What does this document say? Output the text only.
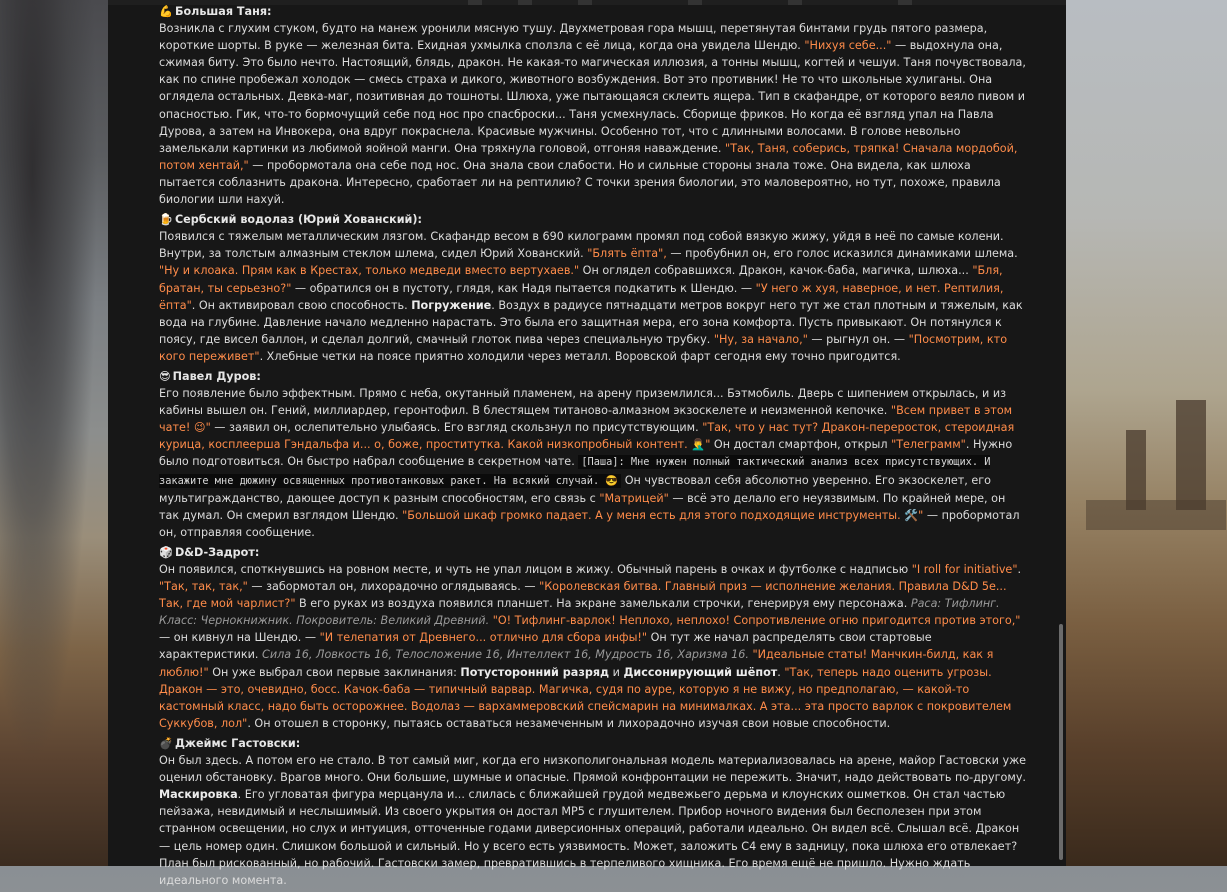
💪 Большая Таня:

Возникла с глухим стуком, будто на манеж уронили мясную тушу. Двухметровая гора мышц, перетянутая бинтами грудь пятого размера, короткие шорты. В руке — железная бита. Ехидная ухмылка сползла с её лица, когда она увидела Шендю. "Нихуя себе..." — выдохнула она, сжимая биту. Это было нечто. Настоящий, блядь, дракон. Не какая-то магическая иллюзия, а тонны мышц, когтей и чешуи. Таня почувствовала, как по спине пробежал холодок — смесь страха и дикого, животного возбуждения. Вот это противник! Не то что школьные хулиганы. Она оглядела остальных. Девка-маг, позитивная до тошноты. Шлюха, уже пытающаяся склеить ящера. Тип в скафандре, от которого веяло пивом и опасностью. Гик, что-то бормочущий себе под нос про спасброски... Таня усмехнулась. Сборище фриков. Но когда её взгляд упал на Павла Дурова, а затем на Инвокера, она вдруг покраснела. Красивые мужчины. Особенно тот, что с длинными волосами. В голове невольно замелькали картинки из любимой яойной манги. Она тряхнула головой, отгоняя наваждение. "Так, Таня, соберись, тряпка! Сначала мордобой, потом хентай," — пробормотала она себе под нос. Она знала свои слабости. Но и сильные стороны знала тоже. Она видела, как шлюха пытается соблазнить дракона. Интересно, сработает ли на рептилию? С точки зрения биологии, это маловероятно, но тут, похоже, правила биологии шли нахуй.

🍺 Сербский водолаз (Юрий Хованский):

Появился с тяжелым металлическим лязгом. Скафандр весом в 690 килограмм промял под собой вязкую жижу, уйдя в неё по самые колени. Внутри, за толстым алмазным стеклом шлема, сидел Юрий Хованский. "Блять ёпта", — пробубнил он, его голос исказился динамиками шлема. "Ну и клоака. Прям как в Крестах, только медведи вместо вертухаев." Он оглядел собравшихся. Дракон, качок-баба, магичка, шлюха... "Бля, братан, ты серьезно?" — обратился он в пустоту, глядя, как Надя пытается подкатить к Шендю. — "У него ж хуя, наверное, и нет. Рептилия, ёпта". Он активировал свою способность. Погружение. Воздух в радиусе пятнадцати метров вокруг него тут же стал плотным и тяжелым, как вода на глубине. Давление начало медленно нарастать. Это была его защитная мера, его зона комфорта. Пусть привыкают. Он потянулся к поясу, где висел баллон, и сделал долгий, смачный глоток пива через специальную трубку. "Ну, за начало," — рыгнул он. — "Посмотрим, кто кого переживет". Хлебные четки на поясе приятно холодили через металл. Воровской фарт сегодня ему точно пригодится.

😎 Павел Дуров:

Его появление было эффектным. Прямо с неба, окутанный пламенем, на арену приземлился... Бэтмобиль. Дверь с шипением открылась, и из кабины вышел он. Гений, миллиардер, геронтофил. В блестящем титаново-алмазном экзоскелете и неизменной кепочке. "Всем привет в этом чате! 😉" — заявил он, ослепительно улыбаясь. Его взгляд скользнул по присутствующим. "Так, что у нас тут? Дракон-переросток, стероидная курица, косплеерша Гэндальфа и... о, боже, проститутка. Какой низкопробный контент. 🤦‍♂️" Он достал смартфон, открыл "Телеграмм". Нужно было подготовиться. Он быстро набрал сообщение в секретном чате. [Паша]: Мне нужен полный тактический анализ всех присутствующих. И закажите мне дюжину освященных противотанковых ракет. На всякий случай. 😎 Он чувствовал себя абсолютно уверенно. Его экзоскелет, его мультигражданство, дающее доступ к разным способностям, его связь с "Матрицей" — всё это делало его неуязвимым. По крайней мере, он так думал. Он смерил взглядом Шендю. "Большой шкаф громко падает. А у меня есть для этого подходящие инструменты. 🛠️" — пробормотал он, отправляя сообщение.

🎲 D&D-Задрот:

Он появился, споткнувшись на ровном месте, и чуть не упал лицом в жижу. Обычный парень в очках и футболке с надписью "I roll for initiative". "Так, так, так," — забормотал он, лихорадочно оглядываясь. — "Королевская битва. Главный приз — исполнение желания. Правила D&D 5e... Так, где мой чарлист?" В его руках из воздуха появился планшет. На экране замелькали строчки, генерируя ему персонажа. Раса: Тифлинг. Класс: Чернокнижник. Покровитель: Великий Древний. "О! Тифлинг-варлок! Неплохо, неплохо! Сопротивление огню пригодится против этого," — он кивнул на Шендю. — "И телепатия от Древнего... отлично для сбора инфы!" Он тут же начал распределять свои стартовые характеристики. Сила 16, Ловкость 16, Телосложение 16, Интеллект 16, Мудрость 16, Харизма 16. "Идеальные статы! Манчкин-билд, как я люблю!" Он уже выбрал свои первые заклинания: Потусторонний разряд и Диссонирующий шёпот. "Так, теперь надо оценить угрозы. Дракон — это, очевидно, босс. Качок-баба — типичный варвар. Магичка, судя по ауре, которую я не вижу, но предполагаю, — какой-то кастомный класс, надо быть осторожнее. Водолаз — вархаммеровский спейсмарин на минималках. А эта... эта просто варлок с покровителем Суккубов, лол". Он отошел в сторонку, пытаясь оставаться незамеченным и лихорадочно изучая свои новые способности.

💣 Джеймс Гастовски:

Он был здесь. А потом его не стало. В тот самый миг, когда его низкополигональная модель материализовалась на арене, майор Гастовски уже оценил обстановку. Врагов много. Они большие, шумные и опасные. Прямой конфронтации не пережить. Значит, надо действовать по-другому. Маскировка. Его угловатая фигура мерцанула и... слилась с ближайшей грудой медвежьего дерьма и клоунских ошметков. Он стал частью пейзажа, невидимый и неслышимый. Из своего укрытия он достал MP5 с глушителем. Прибор ночного видения был бесполезен при этом странном освещении, но слух и интуиция, отточенные годами диверсионных операций, работали идеально. Он видел всё. Слышал всё. Дракон — цель номер один. Слишком большой и сильный. Но у всего есть уязвимость. Может, заложить C4 ему в задницу, пока шлюха его отвлекает? План был рискованный, но рабочий. Гастовски замер, превратившись в терпеливого хищника. Его время ещё не пришло. Нужно ждать идеального момента.
